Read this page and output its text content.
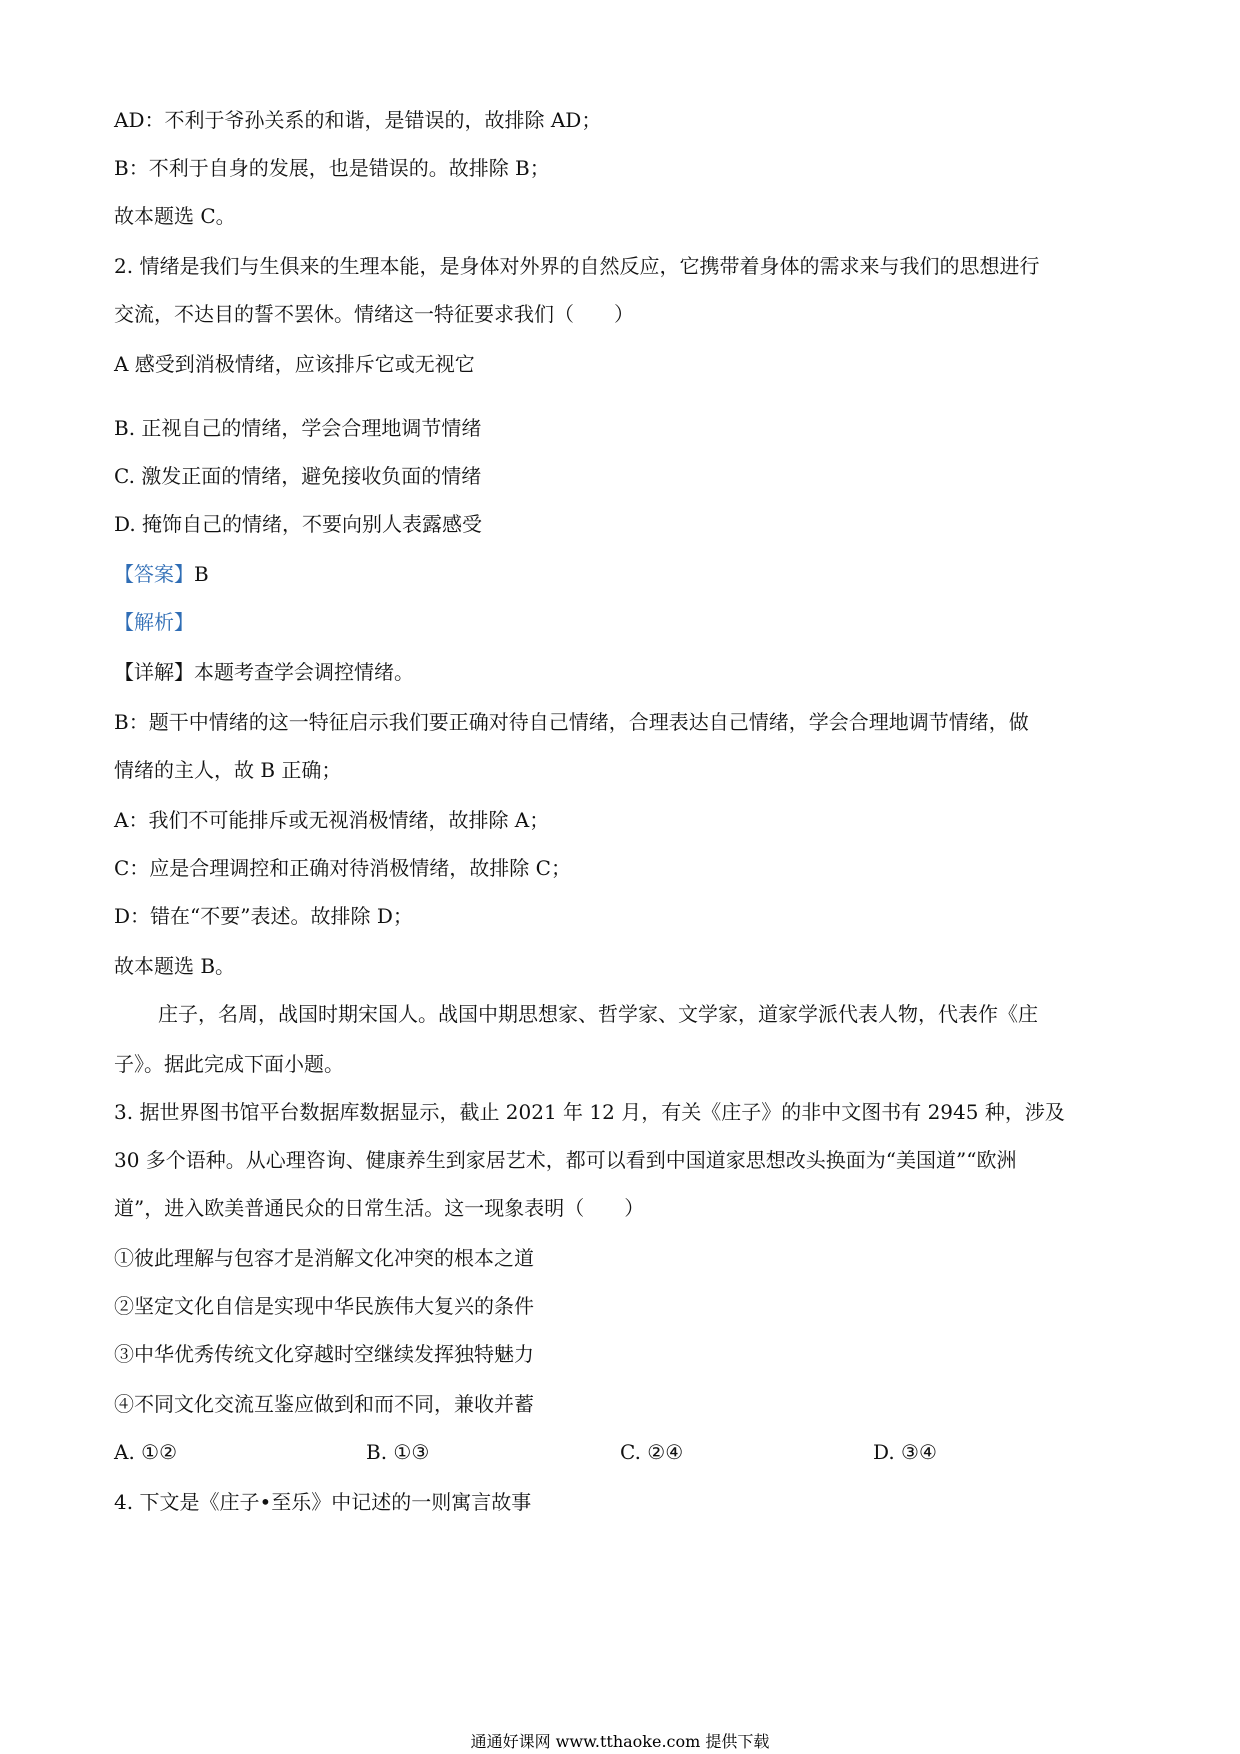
AD：不利于爷孙关系的和谐，是错误的，故排除 AD；
B：不利于自身的发展，也是错误的。故排除 B；
故本题选 C。
2. 情绪是我们与生俱来的生理本能，是身体对外界的自然反应，它携带着身体的需求来与我们的思想进行
交流，不达目的誓不罢休。情绪这一特征要求我们（　　）
A 感受到消极情绪，应该排斥它或无视它
B. 正视自己的情绪，学会合理地调节情绪
C. 激发正面的情绪，避免接收负面的情绪
D. 掩饰自己的情绪，不要向别人表露感受
【答案】B
【解析】
【详解】本题考查学会调控情绪。
B：题干中情绪的这一特征启示我们要正确对待自己情绪，合理表达自己情绪，学会合理地调节情绪，做
情绪的主人，故 B 正确；
A：我们不可能排斥或无视消极情绪，故排除 A；
C：应是合理调控和正确对待消极情绪，故排除 C；
D：错在“不要”表述。故排除 D；
故本题选 B。
庄子，名周，战国时期宋国人。战国中期思想家、哲学家、文学家，道家学派代表人物，代表作《庄
子》。据此完成下面小题。
3. 据世界图书馆平台数据库数据显示，截止 2021 年 12 月，有关《庄子》的非中文图书有 2945 种，涉及
30 多个语种。从心理咨询、健康养生到家居艺术，都可以看到中国道家思想改头换面为“美国道”“欧洲
道”，进入欧美普通民众的日常生活。这一现象表明（　　）
①彼此理解与包容才是消解文化冲突的根本之道
②坚定文化自信是实现中华民族伟大复兴的条件
③中华优秀传统文化穿越时空继续发挥独特魅力
④不同文化交流互鉴应做到和而不同，兼收并蓄
A. ①②	B. ①③	C. ②④	D. ③④
4. 下文是《庄子•至乐》中记述的一则寓言故事
通通好课网 www.tthaoke.com 提供下载
